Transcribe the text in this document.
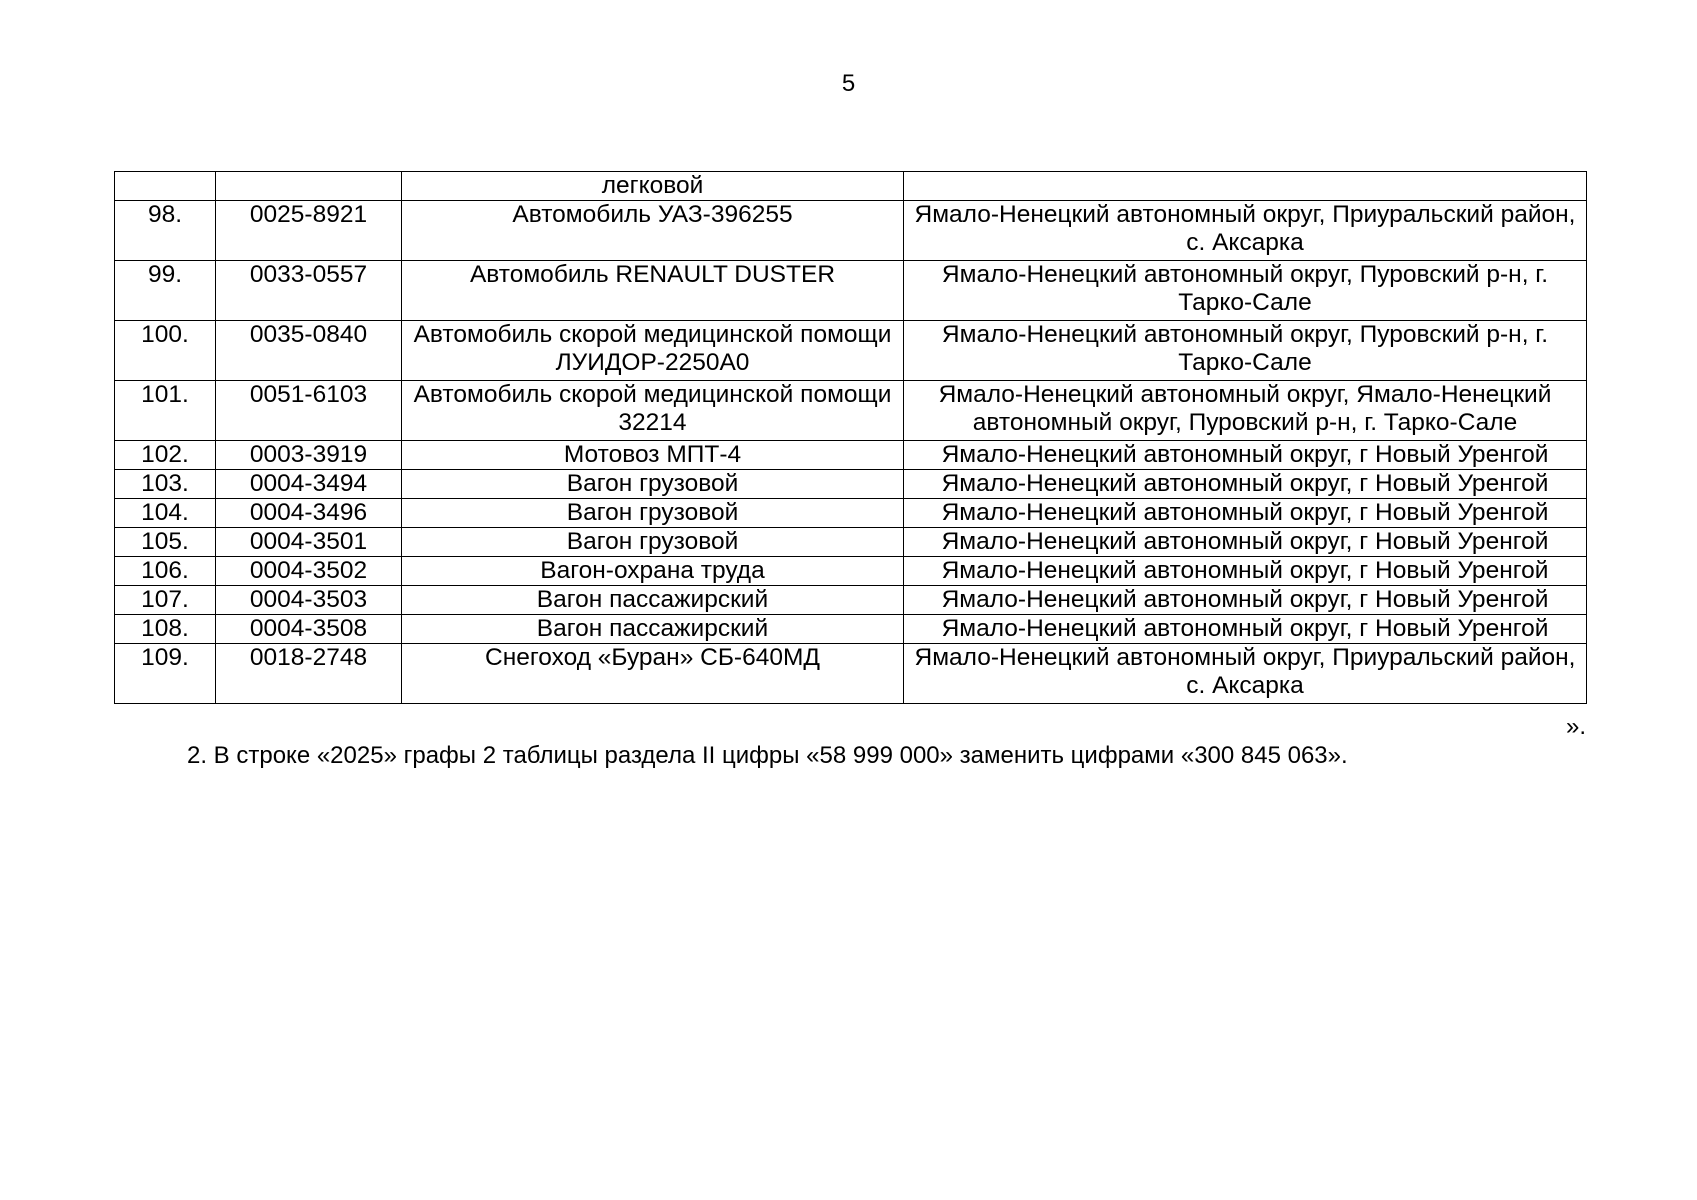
5
		легковой	
98.	0025-8921	Автомобиль УАЗ-396255	Ямало-Ненецкий автономный округ, Приуральский район, с. Аксарка
99.	0033-0557	Автомобиль RENAULT DUSTER	Ямало-Ненецкий автономный округ, Пуровский р-н, г. Тарко-Сале
100.	0035-0840	Автомобиль скорой медицинской помощи ЛУИДОР-2250А0	Ямало-Ненецкий автономный округ, Пуровский р-н, г. Тарко-Сале
101.	0051-6103	Автомобиль скорой медицинской помощи 32214	Ямало-Ненецкий автономный округ, Ямало-Ненецкий автономный округ, Пуровский р-н, г. Тарко-Сале
102.	0003-3919	Мотовоз МПТ-4	Ямало-Ненецкий автономный округ, г Новый Уренгой
103.	0004-3494	Вагон грузовой	Ямало-Ненецкий автономный округ, г Новый Уренгой
104.	0004-3496	Вагон грузовой	Ямало-Ненецкий автономный округ, г Новый Уренгой
105.	0004-3501	Вагон грузовой	Ямало-Ненецкий автономный округ, г Новый Уренгой
106.	0004-3502	Вагон-охрана труда	Ямало-Ненецкий автономный округ, г Новый Уренгой
107.	0004-3503	Вагон пассажирский	Ямало-Ненецкий автономный округ, г Новый Уренгой
108.	0004-3508	Вагон пассажирский	Ямало-Ненецкий автономный округ, г Новый Уренгой
109.	0018-2748	Снегоход «Буран» СБ-640МД	Ямало-Ненецкий автономный округ, Приуральский район, с. Аксарка
».
2. В строке «2025» графы 2 таблицы раздела II цифры «58 999 000» заменить цифрами «300 845 063».
